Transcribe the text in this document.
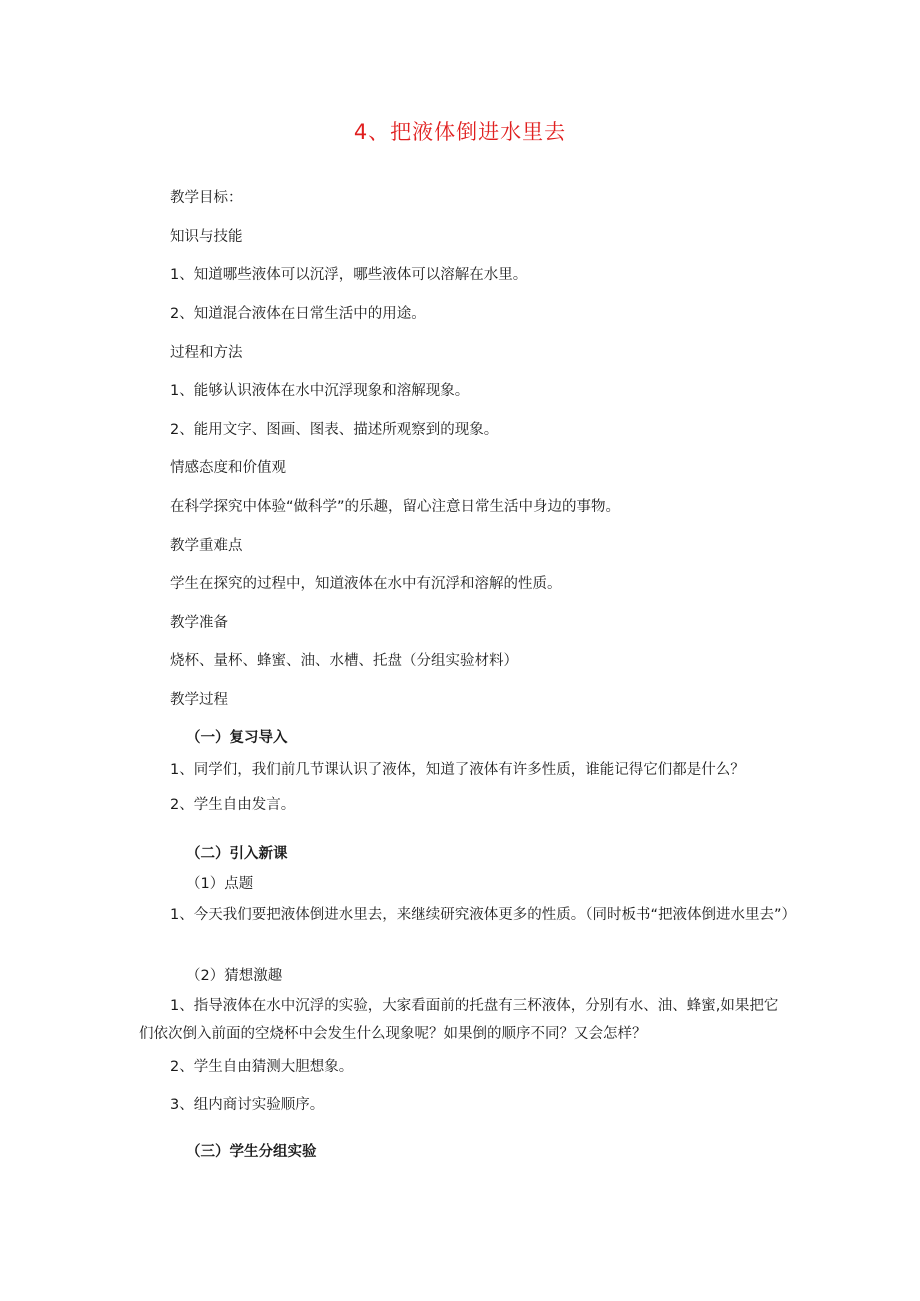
4、把液体倒进水里去
教学目标：
知识与技能
1、知道哪些液体可以沉浮，哪些液体可以溶解在水里。
2、知道混合液体在日常生活中的用途。
过程和方法
1、能够认识液体在水中沉浮现象和溶解现象。
2、能用文字、图画、图表、描述所观察到的现象。
情感态度和价值观
在科学探究中体验“做科学”的乐趣，留心注意日常生活中身边的事物。
教学重难点
学生在探究的过程中，知道液体在水中有沉浮和溶解的性质。
教学准备
烧杯、量杯、蜂蜜、油、水槽、托盘（分组实验材料）
教学过程
（一）复习导入
1、同学们，我们前几节课认识了液体，知道了液体有许多性质，谁能记得它们都是什么？
2、学生自由发言。
（二）引入新课
（1）点题
1、今天我们要把液体倒进水里去，来继续研究液体更多的性质。（同时板书“把液体倒进水里去”）
（2）猜想激趣
1、指导液体在水中沉浮的实验，大家看面前的托盘有三杯液体，分别有水、油、蜂蜜,如果把它们依次倒入前面的空烧杯中会发生什么现象呢？如果倒的顺序不同？又会怎样？
2、学生自由猜测大胆想象。
3、组内商讨实验顺序。
（三）学生分组实验
